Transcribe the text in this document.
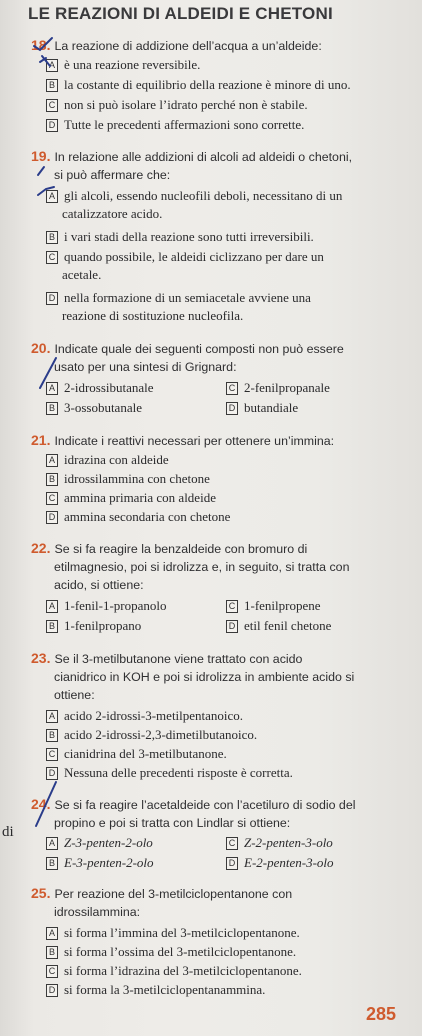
LE REAZIONI DI ALDEIDI E CHETONI

18. La reazione di addizione dell’acqua a un’aldeide:

A è una reazione reversibile.
B la costante di equilibrio della reazione è minore di uno.
C non si può isolare l’idrato perché non è stabile.
D Tutte le precedenti affermazioni sono corrette.

19. In relazione alle addizioni di alcoli ad aldeidi o chetoni,
si può affermare che:

A gli alcoli, essendo nucleofili deboli, necessitano di un
catalizzatore acido.
B i vari stadi della reazione sono tutti irreversibili.
C quando possibile, le aldeidi ciclizzano per dare un
acetale.
D nella formazione di un semiacetale avviene una
reazione di sostituzione nucleofila.

20. Indicate quale dei seguenti composti non può essere
usato per una sintesi di Grignard:

A 2-idrossibutanale
B 3-ossobutanale
C 2-fenilpropanale
D butandiale

21. Indicate i reattivi necessari per ottenere un’immina:

A idrazina con aldeide
B idrossilammina con chetone
C ammina primaria con aldeide
D ammina secondaria con chetone

22. Se si fa reagire la benzaldeide con bromuro di
etilmagnesio, poi si idrolizza e, in seguito, si tratta con
acido, si ottiene:

A 1-fenil-1-propanolo
B 1-fenilpropano
C 1-fenilpropene
D etil fenil chetone

23. Se il 3-metilbutanone viene trattato con acido
cianidrico in KOH e poi si idrolizza in ambiente acido si
ottiene:

A acido 2-idrossi-3-metilpentanoico.
B acido 2-idrossi-2,3-dimetilbutanoico.
C cianidrina del 3-metilbutanone.
D Nessuna delle precedenti risposte è corretta.

24. Se si fa reagire l’acetaldeide con l’acetiluro di sodio del
propino e poi si tratta con Lindlar si ottiene:

A Z-3-penten-2-olo
B E-3-penten-2-olo
C Z-2-penten-3-olo
D E-2-penten-3-olo

25. Per reazione del 3-metilciclopentanone con
idrossilammina:

A si forma l’immina del 3-metilciclopentanone.
B si forma l’ossima del 3-metilciclopentanone.
C si forma l’idrazina del 3-metilciclopentanone.
D si forma la 3-metilciclopentanammina.
di
285
